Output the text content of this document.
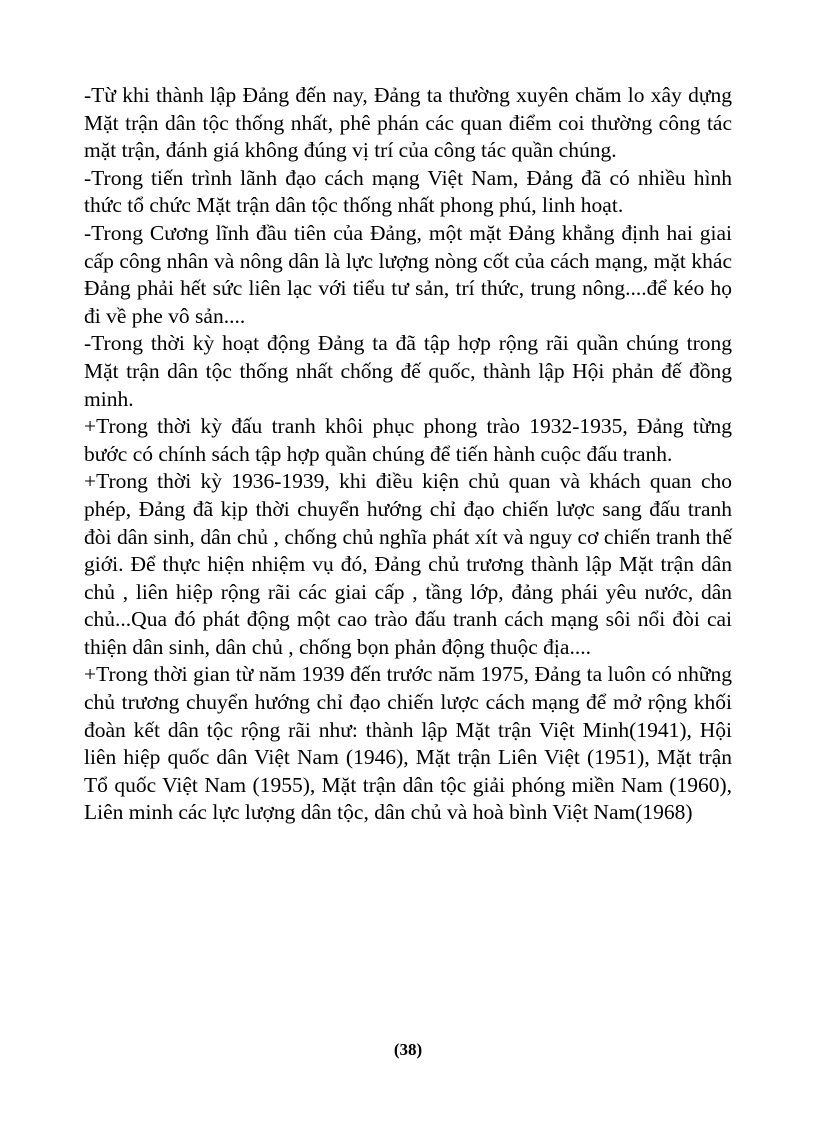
-Từ khi thành lập Đảng đến nay, Đảng ta thường xuyên chăm lo xây dựng Mặt trận dân tộc thống nhất, phê phán các quan điểm coi thường công tác mặt trận, đánh giá không đúng vị trí của công tác quần chúng.

-Trong tiến trình lãnh đạo cách mạng Việt Nam, Đảng đã có nhiều hình thức tổ chức Mặt trận dân tộc thống nhất phong phú, linh hoạt.

-Trong Cương lĩnh đầu tiên của Đảng, một mặt Đảng khẳng định hai giai cấp công nhân và nông dân là lực lượng nòng cốt của cách mạng, mặt khác Đảng phải hết sức liên lạc với tiểu tư sản, trí thức, trung nông....để kéo họ đi về phe vô sản....

-Trong thời kỳ hoạt động Đảng ta đã tập hợp rộng rãi quần chúng trong Mặt trận dân tộc thống nhất chống đế quốc, thành lập Hội phản đế đồng minh.

+Trong thời kỳ đấu tranh khôi phục phong trào 1932-1935, Đảng từng bước có chính sách tập hợp quần chúng để tiến hành cuộc đấu tranh.

+Trong thời kỳ 1936-1939, khi điều kiện chủ quan và khách quan cho phép, Đảng đã kịp thời chuyển hướng chỉ đạo chiến lược sang đấu tranh đòi dân sinh, dân chủ , chống chủ nghĩa phát xít và nguy cơ chiến tranh thế giới. Để thực hiện nhiệm vụ đó, Đảng chủ trương thành lập Mặt trận dân chủ , liên hiệp rộng rãi các giai cấp , tầng lớp, đảng phái yêu nước, dân chủ...Qua đó phát động một cao trào đấu tranh cách mạng sôi nổi đòi cai thiện dân sinh, dân chủ , chống bọn phản động thuộc địa....

+Trong thời gian từ năm 1939 đến trước năm 1975, Đảng ta luôn có những chủ trương chuyển hướng chỉ đạo chiến lược cách mạng để mở rộng khối đoàn kết dân tộc rộng rãi như: thành lập Mặt trận Việt Minh(1941), Hội liên hiệp quốc dân Việt Nam (1946), Mặt trận Liên Việt (1951), Mặt trận Tổ quốc Việt Nam (1955), Mặt trận dân tộc giải phóng miền Nam (1960), Liên minh các lực lượng dân tộc, dân chủ và hoà bình Việt Nam(1968)

(38)
